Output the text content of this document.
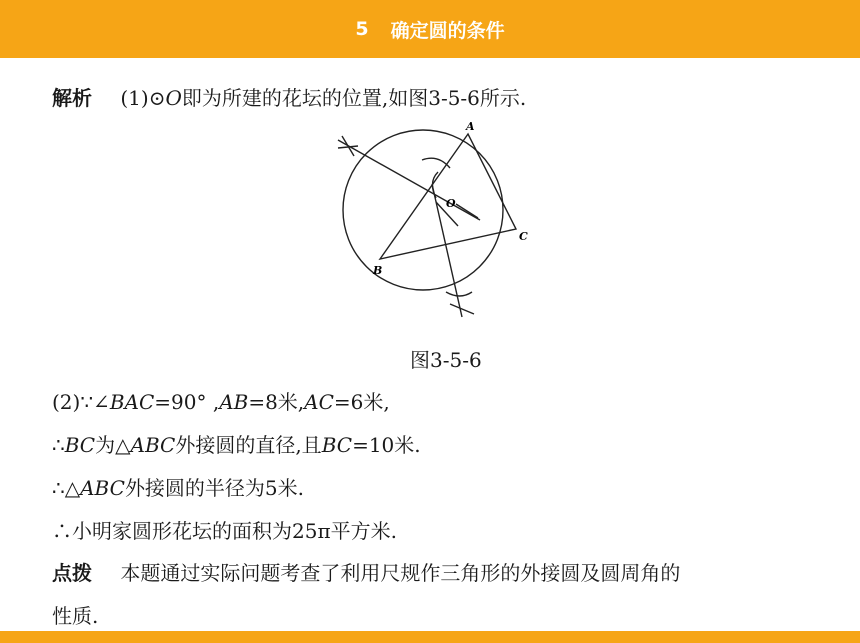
5 确定圆的条件
解析 (1)⊙O即为所建的花坛的位置,如图3-5-6所示.
A
B
C
O
图3-5-6
(2)∵∠BAC=90° ,AB=8米,AC=6米,
∴BC为△ABC外接圆的直径,且BC=10米.
∴△ABC外接圆的半径为5米.
∴小明家圆形花坛的面积为25π平方米.
点拨 本题通过实际问题考查了利用尺规作三角形的外接圆及圆周角的
性质.
